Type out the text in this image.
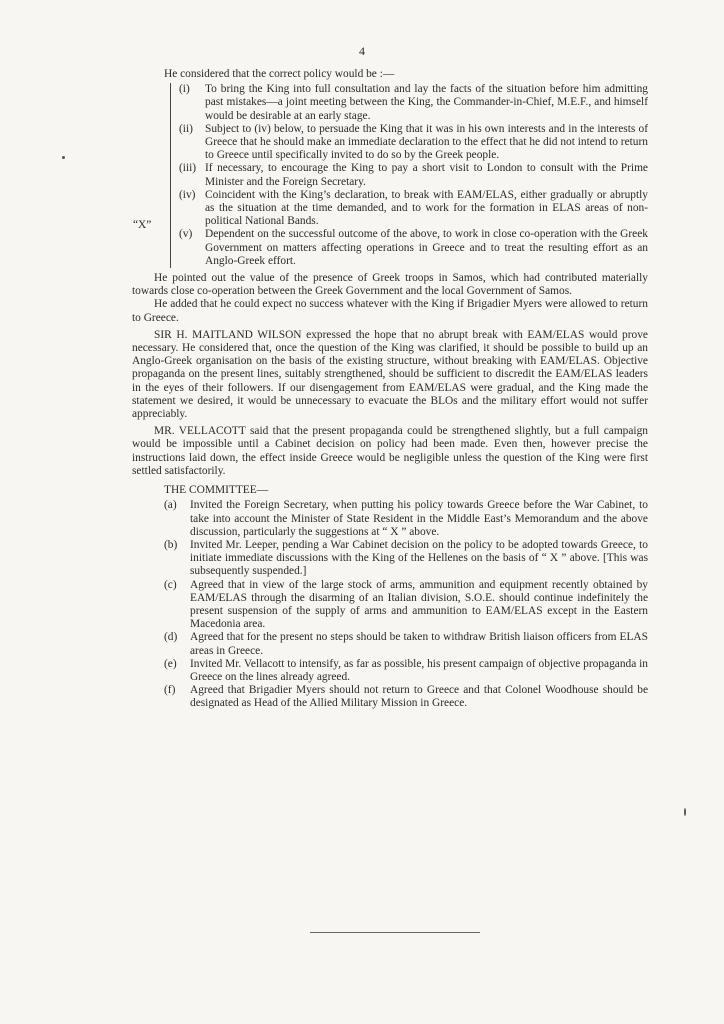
4

He considered that the correct policy would be :—

“X”
(i) To bring the King into full consultation and lay the facts of the situation before him admitting past mistakes—a joint meeting between the King, the Commander-in-Chief, M.E.F., and himself would be desirable at an early stage.
(ii) Subject to (iv) below, to persuade the King that it was in his own interests and in the interests of Greece that he should make an immediate declaration to the effect that he did not intend to return to Greece until specifically invited to do so by the Greek people.
(iii) If necessary, to encourage the King to pay a short visit to London to consult with the Prime Minister and the Foreign Secretary.
(iv) Coincident with the King’s declaration, to break with EAM/ELAS, either gradually or abruptly as the situation at the time demanded, and to work for the formation in ELAS areas of non-political National Bands.
(v) Dependent on the successful outcome of the above, to work in close co-operation with the Greek Government on matters affecting operations in Greece and to treat the resulting effort as an Anglo-Greek effort.

He pointed out the value of the presence of Greek troops in Samos, which had contributed materially towards close co-operation between the Greek Government and the local Government of Samos.

He added that he could expect no success whatever with the King if Brigadier Myers were allowed to return to Greece.

SIR H. MAITLAND WILSON expressed the hope that no abrupt break with EAM/ELAS would prove necessary. He considered that, once the question of the King was clarified, it should be possible to build up an Anglo-Greek organisation on the basis of the existing structure, without breaking with EAM/ELAS. Objective propaganda on the present lines, suitably strengthened, should be sufficient to discredit the EAM/ELAS leaders in the eyes of their followers. If our disengagement from EAM/ELAS were gradual, and the King made the statement we desired, it would be unnecessary to evacuate the BLOs and the military effort would not suffer appreciably.

MR. VELLACOTT said that the present propaganda could be strengthened slightly, but a full campaign would be impossible until a Cabinet decision on policy had been made. Even then, however precise the instructions laid down, the effect inside Greece would be negligible unless the question of the King were first settled satisfactorily.

THE COMMITTEE—

(a) Invited the Foreign Secretary, when putting his policy towards Greece before the War Cabinet, to take into account the Minister of State Resident in the Middle East’s Memorandum and the above discussion, particularly the suggestions at “ X ” above.
(b) Invited Mr. Leeper, pending a War Cabinet decision on the policy to be adopted towards Greece, to initiate immediate discussions with the King of the Hellenes on the basis of “ X ” above. [This was subsequently suspended.]
(c) Agreed that in view of the large stock of arms, ammunition and equipment recently obtained by EAM/ELAS through the disarming of an Italian division, S.O.E. should continue indefinitely the present suspension of the supply of arms and ammunition to EAM/ELAS except in the Eastern Macedonia area.
(d) Agreed that for the present no steps should be taken to withdraw British liaison officers from ELAS areas in Greece.
(e) Invited Mr. Vellacott to intensify, as far as possible, his present campaign of objective propaganda in Greece on the lines already agreed.
(f) Agreed that Brigadier Myers should not return to Greece and that Colonel Woodhouse should be designated as Head of the Allied Military Mission in Greece.
